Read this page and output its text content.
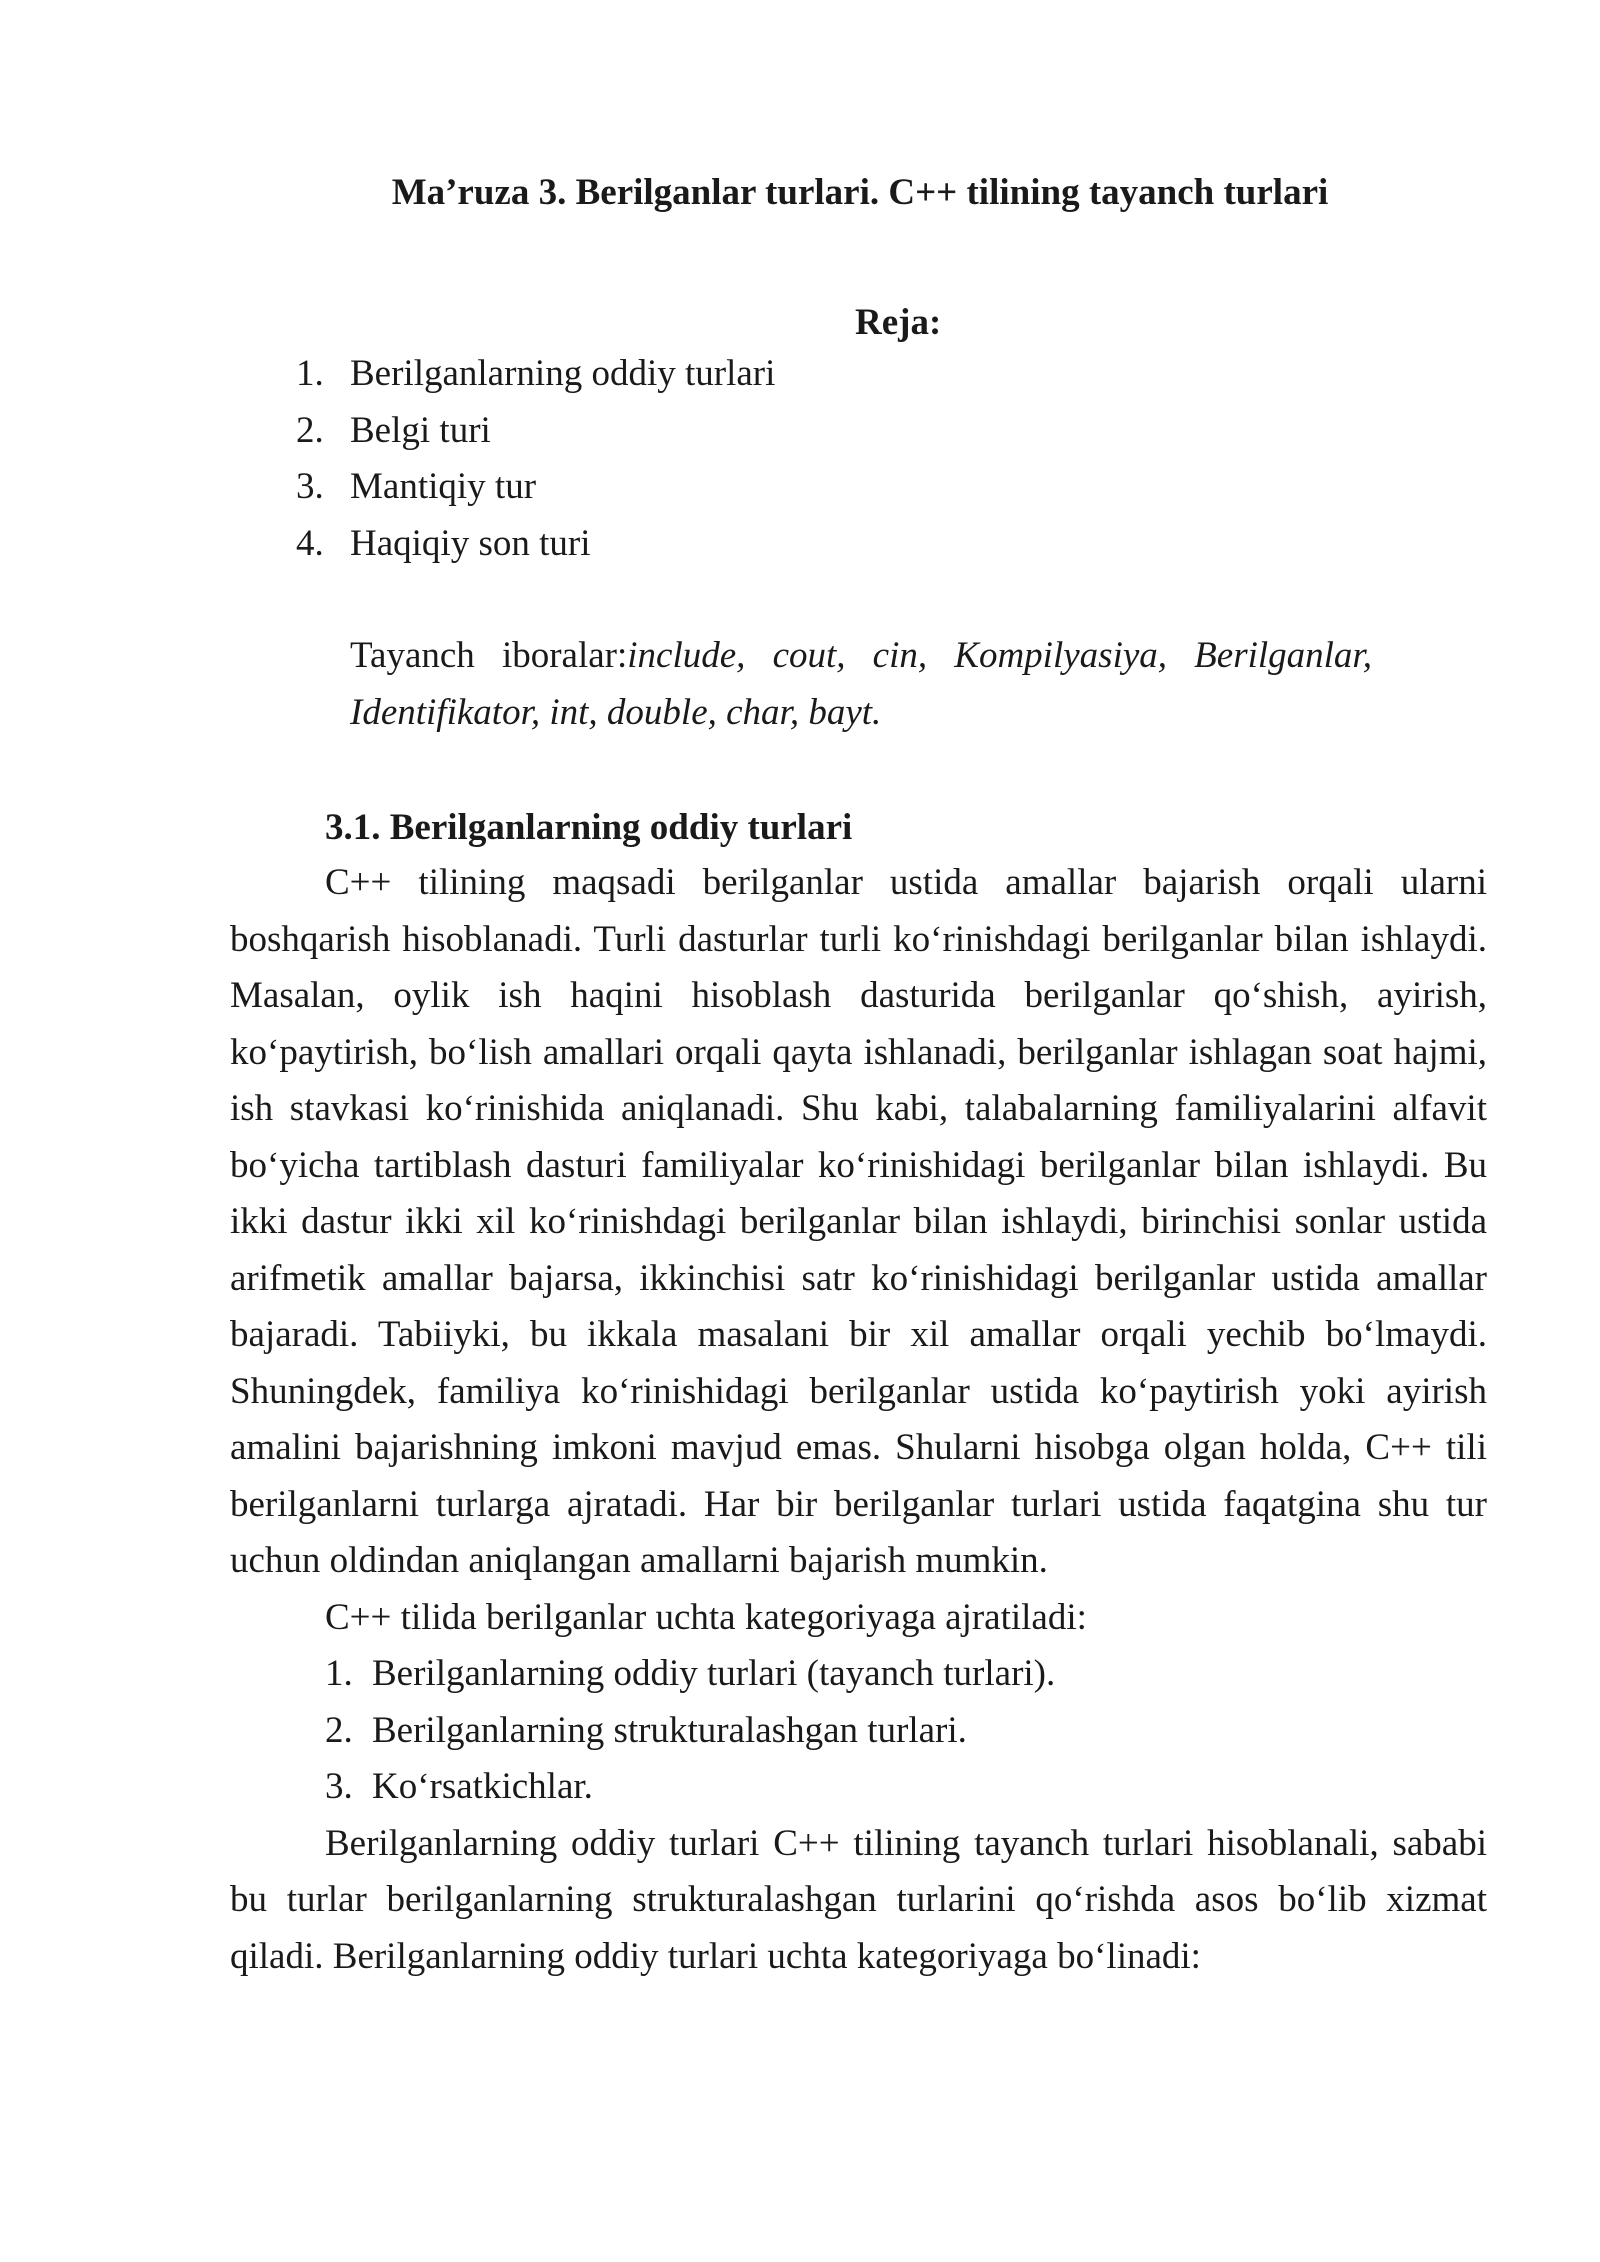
Ma’ruza 3. Berilganlar turlari. C++ tilining tayanch turlari
Reja:
1. Berilganlarning oddiy turlari
2. Belgi turi
3. Mantiqiy tur
4. Haqiqiy son turi
Tayanch iboralar:include, cout, cin, Kompilyasiya, Berilganlar, Identifikator, int, double, char, bayt.
3.1. Berilganlarning oddiy turlari

C++ tilining maqsadi berilganlar ustida amallar bajarish orqali ularni boshqarish hisoblanadi. Turli dasturlar turli ko‘rinishdagi berilganlar bilan ishlaydi. Masalan, oylik ish haqini hisoblash dasturida berilganlar qo‘shish, ayirish, ko‘paytirish, bo‘lish amallari orqali qayta ishlanadi, berilganlar ishlagan soat hajmi, ish stavkasi ko‘rinishida aniqlanadi. Shu kabi, talabalarning familiyalarini alfavit bo‘yicha tartiblash dasturi familiyalar ko‘rinishidagi berilganlar bilan ishlaydi. Bu ikki dastur ikki xil ko‘rinishdagi berilganlar bilan ishlaydi, birinchisi sonlar ustida arifmetik amallar bajarsa, ikkinchisi satr ko‘rinishidagi berilganlar ustida amallar bajaradi. Tabiiyki, bu ikkala masalani bir xil amallar orqali yechib bo‘lmaydi. Shuningdek, familiya ko‘rinishidagi berilganlar ustida ko‘paytirish yoki ayirish amalini bajarishning imkoni mavjud emas. Shularni hisobga olgan holda, C++ tili berilganlarni turlarga ajratadi. Har bir berilganlar turlari ustida faqatgina shu tur uchun oldindan aniqlangan amallarni bajarish mumkin.

C++ tilida berilganlar uchta kategoriyaga ajratiladi:

1. Berilganlarning oddiy turlari (tayanch turlari).
2. Berilganlarning strukturalashgan turlari.
3. Ko‘rsatkichlar.

Berilganlarning oddiy turlari C++ tilining tayanch turlari hisoblanali, sababi bu turlar berilganlarning strukturalashgan turlarini qo‘rishda asos bo‘lib xizmat qiladi. Berilganlarning oddiy turlari uchta kategoriyaga bo‘linadi:
